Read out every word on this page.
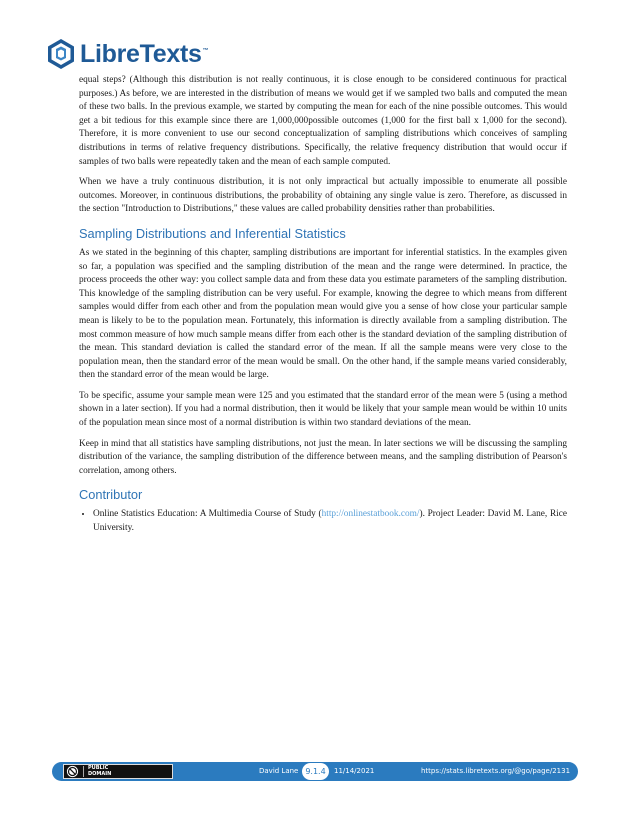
LibreTexts™

equal steps? (Although this distribution is not really continuous, it is close enough to be considered continuous for practical purposes.) As before, we are interested in the distribution of means we would get if we sampled two balls and computed the mean of these two balls. In the previous example, we started by computing the mean for each of the nine possible outcomes. This would get a bit tedious for this example since there are 1,000,000possible outcomes (1,000 for the first ball x 1,000 for the second). Therefore, it is more convenient to use our second conceptualization of sampling distributions which conceives of sampling distributions in terms of relative frequency distributions. Specifically, the relative frequency distribution that would occur if samples of two balls were repeatedly taken and the mean of each sample computed.

When we have a truly continuous distribution, it is not only impractical but actually impossible to enumerate all possible outcomes. Moreover, in continuous distributions, the probability of obtaining any single value is zero. Therefore, as discussed in the section "Introduction to Distributions," these values are called probability densities rather than probabilities.

Sampling Distributions and Inferential Statistics

As we stated in the beginning of this chapter, sampling distributions are important for inferential statistics. In the examples given so far, a population was specified and the sampling distribution of the mean and the range were determined. In practice, the process proceeds the other way: you collect sample data and from these data you estimate parameters of the sampling distribution. This knowledge of the sampling distribution can be very useful. For example, knowing the degree to which means from different samples would differ from each other and from the population mean would give you a sense of how close your particular sample mean is likely to be to the population mean. Fortunately, this information is directly available from a sampling distribution. The most common measure of how much sample means differ from each other is the standard deviation of the sampling distribution of the mean. This standard deviation is called the standard error of the mean. If all the sample means were very close to the population mean, then the standard error of the mean would be small. On the other hand, if the sample means varied considerably, then the standard error of the mean would be large.

To be specific, assume your sample mean were 125 and you estimated that the standard error of the mean were 5 (using a method shown in a later section). If you had a normal distribution, then it would be likely that your sample mean would be within 10 units of the population mean since most of a normal distribution is within two standard deviations of the mean.

Keep in mind that all statistics have sampling distributions, not just the mean. In later sections we will be discussing the sampling distribution of the variance, the sampling distribution of the difference between means, and the sampling distribution of Pearson's correlation, among others.

Contributor
• Online Statistics Education: A Multimedia Course of Study (http://onlinestatbook.com/). Project Leader: David M. Lane, Rice University.
PUBLIC
DOMAIN	David Lane 9.1.4	11/14/2021	https://stats.libretexts.org/@go/page/2131
